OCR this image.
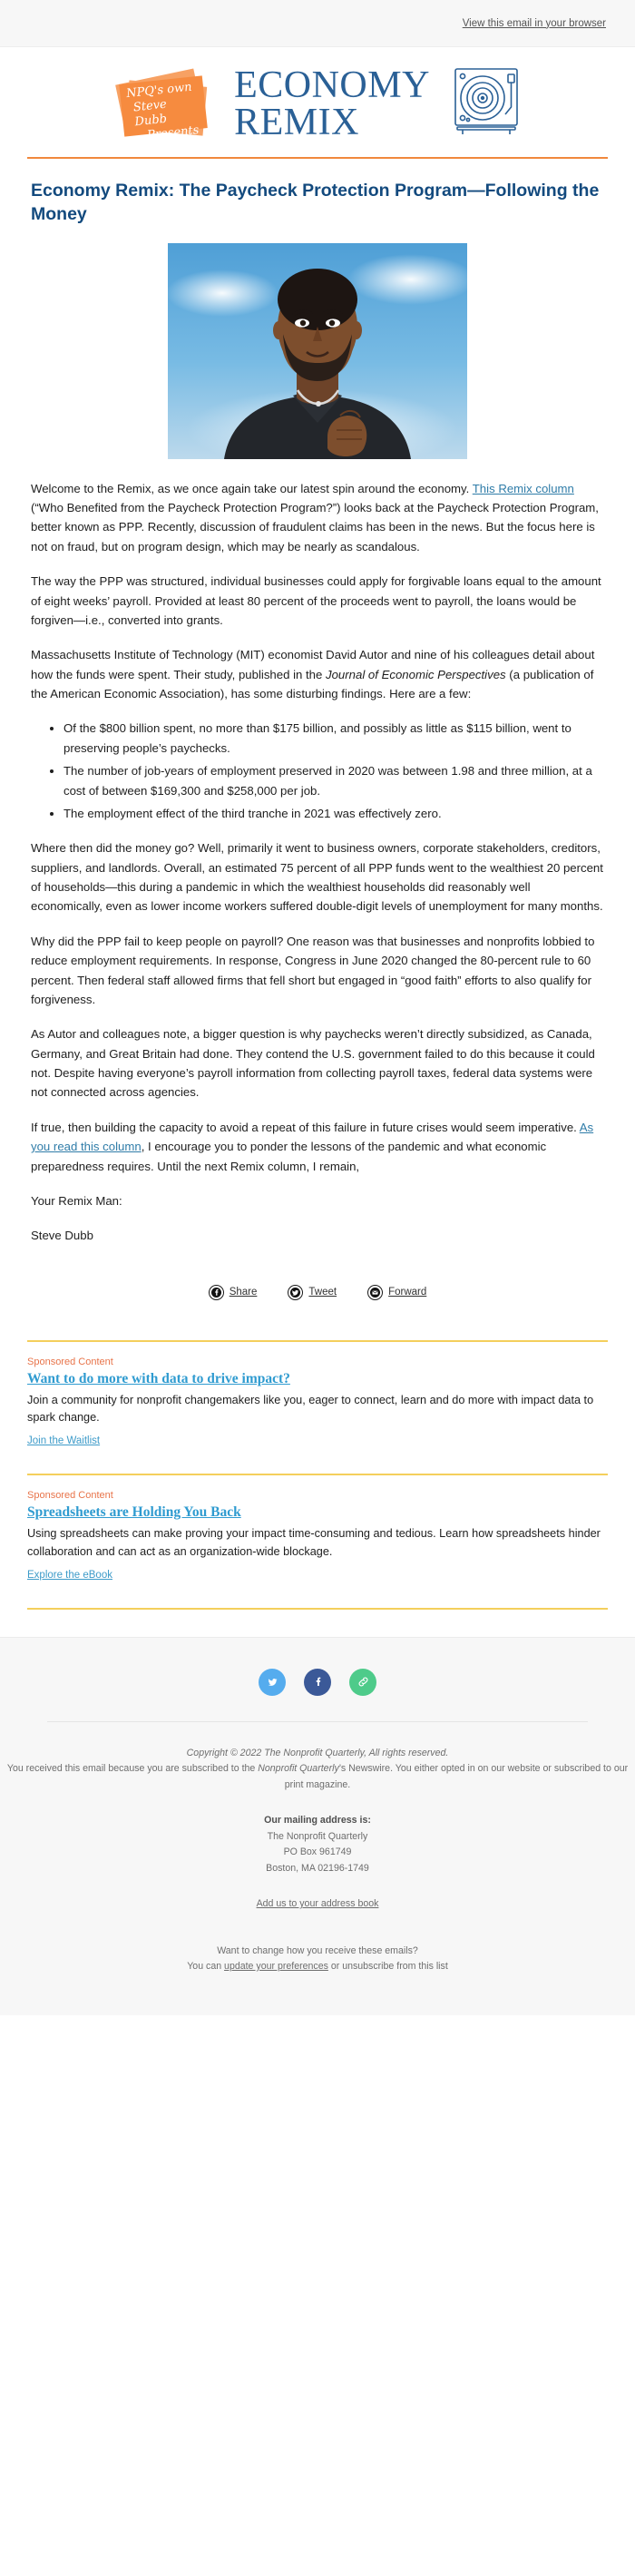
View this email in your browser
NPQ's own
Steve Dubb
Presents
ECONOMY
REMIX
Economy Remix: The Paycheck Protection Program—Following the Money

Welcome to the Remix, as we once again take our latest spin around the economy. This Remix column (“Who Benefited from the Paycheck Protection Program?”) looks back at the Paycheck Protection Program, better known as PPP. Recently, discussion of fraudulent claims has been in the news. But the focus here is not on fraud, but on program design, which may be nearly as scandalous.

The way the PPP was structured, individual businesses could apply for forgivable loans equal to the amount of eight weeks’ payroll. Provided at least 80 percent of the proceeds went to payroll, the loans would be forgiven—i.e., converted into grants.

Massachusetts Institute of Technology (MIT) economist David Autor and nine of his colleagues detail about how the funds were spent. Their study, published in the Journal of Economic Perspectives (a publication of the American Economic Association), has some disturbing findings. Here are a few:

• Of the $800 billion spent, no more than $175 billion, and possibly as little as $115 billion, went to preserving people’s paychecks.
• The number of job-years of employment preserved in 2020 was between 1.98 and three million, at a cost of between $169,300 and $258,000 per job.
• The employment effect of the third tranche in 2021 was effectively zero.

Where then did the money go? Well, primarily it went to business owners, corporate stakeholders, creditors, suppliers, and landlords. Overall, an estimated 75 percent of all PPP funds went to the wealthiest 20 percent of households—this during a pandemic in which the wealthiest households did reasonably well economically, even as lower income workers suffered double-digit levels of unemployment for many months.

Why did the PPP fail to keep people on payroll? One reason was that businesses and nonprofits lobbied to reduce employment requirements. In response, Congress in June 2020 changed the 80-percent rule to 60 percent. Then federal staff allowed firms that fell short but engaged in “good faith” efforts to also qualify for forgiveness.

As Autor and colleagues note, a bigger question is why paychecks weren’t directly subsidized, as Canada, Germany, and Great Britain had done. They contend the U.S. government failed to do this because it could not. Despite having everyone’s payroll information from collecting payroll taxes, federal data systems were not connected across agencies.

If true, then building the capacity to avoid a repeat of this failure in future crises would seem imperative. As you read this column, I encourage you to ponder the lessons of the pandemic and what economic preparedness requires. Until the next Remix column, I remain,

Your Remix Man:

Steve Dubb

Share	Tweet	Forward
Sponsored Content
Want to do more with data to drive impact?

Join a community for nonprofit changemakers like you, eager to connect, learn and do more with impact data to spark change.

Join the Waitlist
Sponsored Content
Spreadsheets are Holding You Back

Using spreadsheets can make proving your impact time-consuming and tedious. Learn how spreadsheets hinder collaboration and can act as an organization-wide blockage.

Explore the eBook

Copyright © 2022 The Nonprofit Quarterly, All rights reserved.

You received this email because you are subscribed to the Nonprofit Quarterly’s Newswire. You either opted in on our website or subscribed to our print magazine.

Our mailing address is:

The Nonprofit Quarterly

PO Box 961749

Boston, MA 02196-1749

Add us to your address book

Want to change how you receive these emails?

You can update your preferences or unsubscribe from this list
